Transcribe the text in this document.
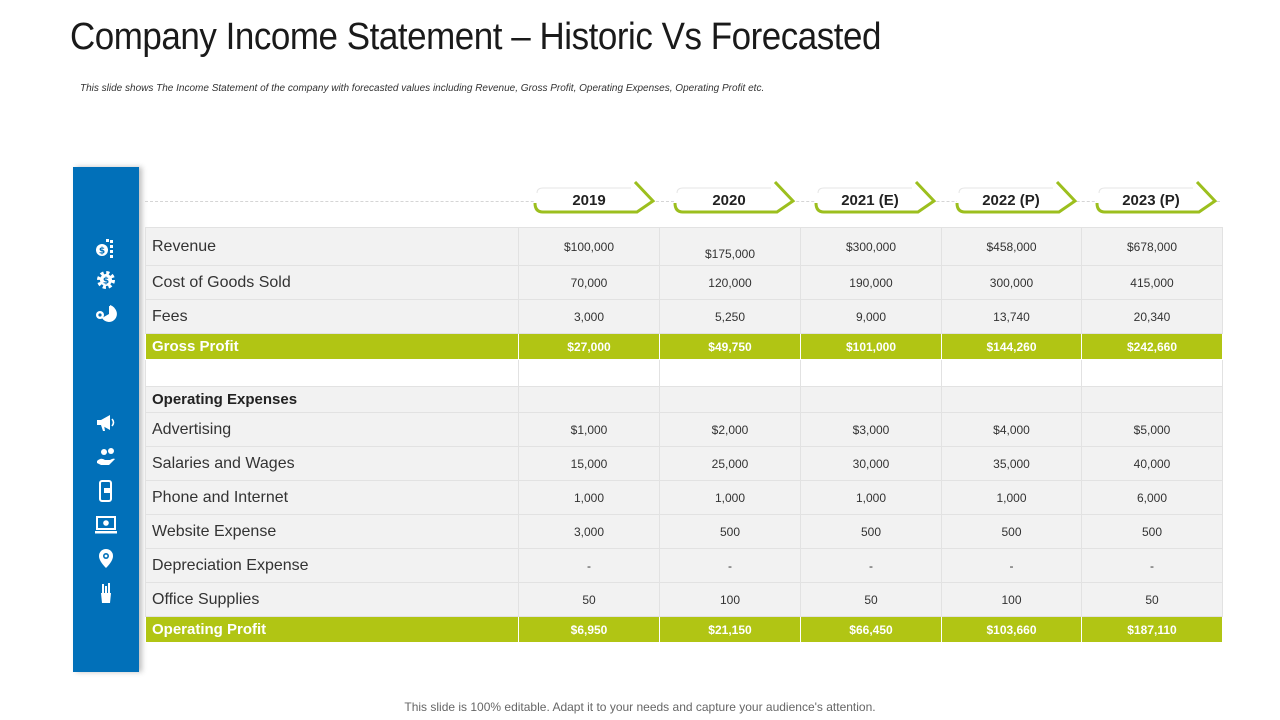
Company Income Statement – Historic Vs Forecasted
This slide shows The Income Statement of the company with forecasted values including Revenue, Gross Profit, Operating Expenses, Operating Profit etc.
$
$
2019	2020	2021 (E)	2022 (P)	2023 (P)
Revenue	$100,000	$175,000	$300,000	$458,000	$678,000
Cost of Goods Sold	70,000	120,000	190,000	300,000	415,000
Fees	3,000	5,250	9,000	13,740	20,340
Gross Profit	$27,000	$49,750	$101,000	$144,260	$242,660

Operating Expenses					
Advertising	$1,000	$2,000	$3,000	$4,000	$5,000
Salaries and Wages	15,000	25,000	30,000	35,000	40,000
Phone and Internet	1,000	1,000	1,000	1,000	6,000
Website Expense	3,000	500	500	500	500
Depreciation Expense	-	-	-	-	-
Office Supplies	50	100	50	100	50
Operating Profit	$6,950	$21,150	$66,450	$103,660	$187,110
This slide is 100% editable. Adapt it to your needs and capture your audience's attention.
